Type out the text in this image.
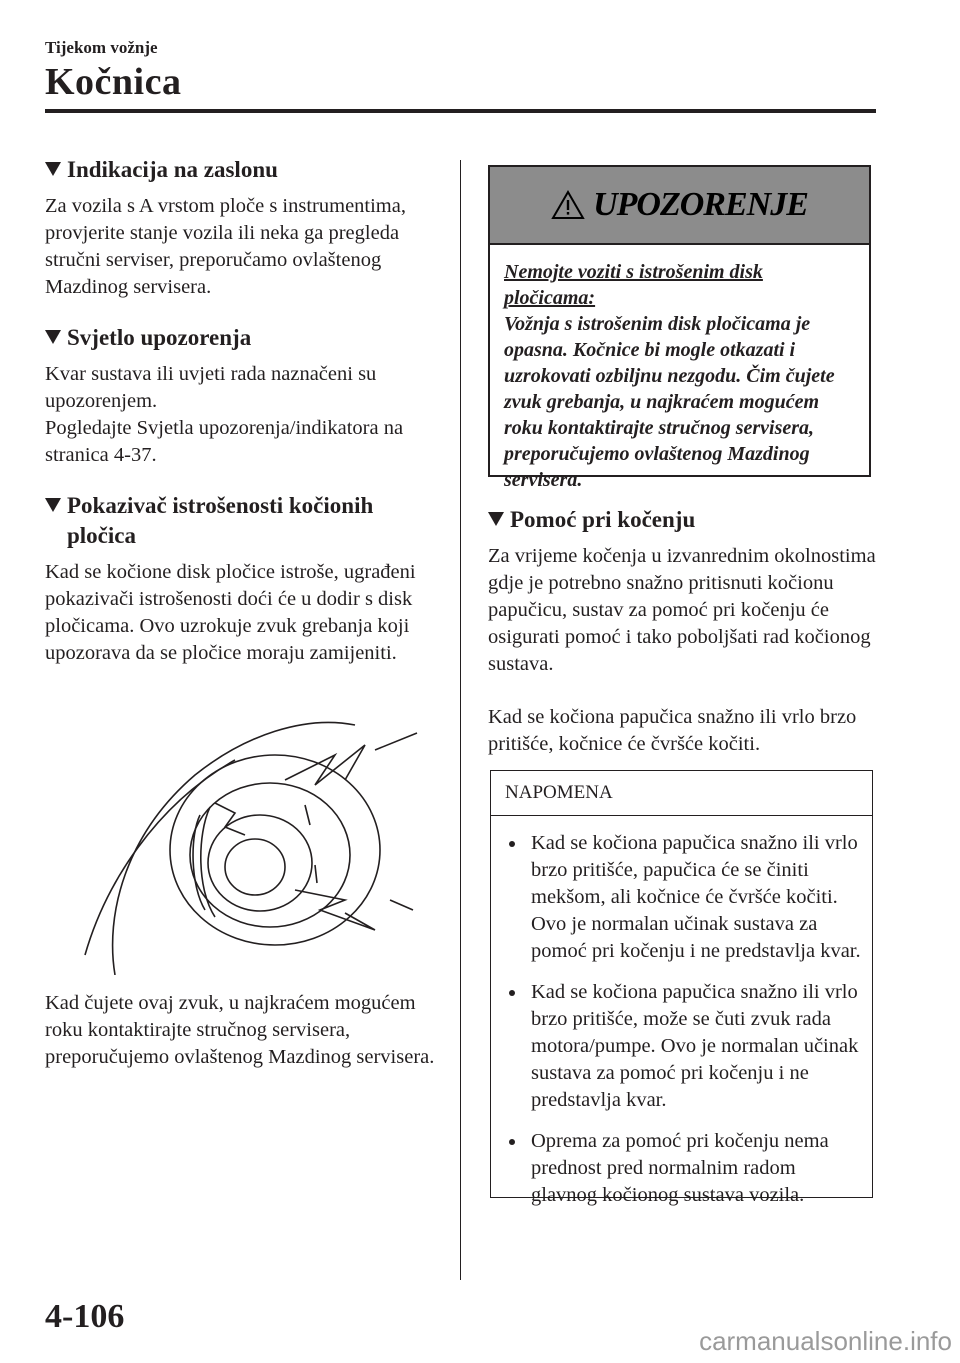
Tijekom vožnje
Kočnica
Indikacija na zaslonu

Za vozila s A vrstom ploče s instrumentima, provjerite stanje vozila ili neka ga pregleda stručni serviser, preporučamo ovlaštenog Mazdinog servisera.

Svjetlo upozorenja

Kvar sustava ili uvjeti rada naznačeni su upozorenjem.

Pogledajte Svjetla upozorenja/indikatora na stranica 4-37.

Pokazivač istrošenosti kočionih
pločica

Kad se kočione disk pločice istroše, ugrađeni pokazivači istrošenosti doći će u dodir s disk pločicama. Ovo uzrokuje zvuk grebanja koji upozorava da se pločice moraju zamijeniti.

Kad čujete ovaj zvuk, u najkraćem mogućem roku kontaktirajte stručnog servisera, preporučujemo ovlaštenog Mazdinog servisera.

UPOZORENJE

Nemojte voziti s istrošenim disk pločicama:

Vožnja s istrošenim disk pločicama je opasna. Kočnice bi mogle otkazati i uzrokovati ozbiljnu nezgodu. Čim čujete zvuk grebanja, u najkraćem mogućem roku kontaktirajte stručnog servisera, preporučujemo ovlaštenog Mazdinog servisera.

Pomoć pri kočenju

Za vrijeme kočenja u izvanrednim okolnostima gdje je potrebno snažno pritisnuti kočionu papučicu, sustav za pomoć pri kočenju će osigurati pomoć i tako poboljšati rad kočionog sustava.

Kad se kočiona papučica snažno ili vrlo brzo pritišće, kočnice će čvršće kočiti.

NAPOMENA
Kad se kočiona papučica snažno ili vrlo brzo pritišće, papučica će se činiti mekšom, ali kočnice će čvršće kočiti. Ovo je normalan učinak sustava za pomoć pri kočenju i ne predstavlja kvar.
Kad se kočiona papučica snažno ili vrlo brzo pritišće, može se čuti zvuk rada motora/pumpe. Ovo je normalan učinak sustava za pomoć pri kočenju i ne predstavlja kvar.
Oprema za pomoć pri kočenju nema prednost pred normalnim radom glavnog kočionog sustava vozila.
4-106
carmanualsonline.info
